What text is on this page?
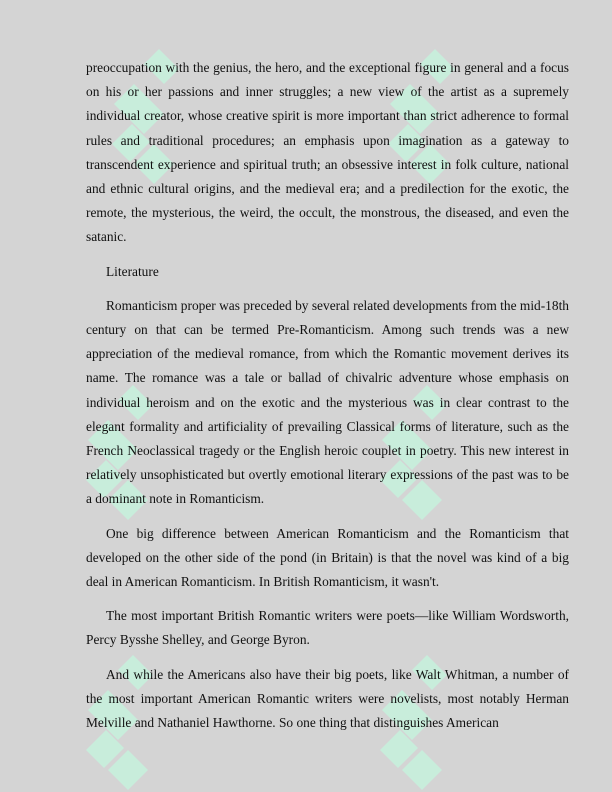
preoccupation with the genius, the hero, and the exceptional figure in general and a focus on his or her passions and inner struggles; a new view of the artist as a supremely individual creator, whose creative spirit is more important than strict adherence to formal rules and traditional procedures; an emphasis upon imagination as a gateway to transcendent experience and spiritual truth; an obsessive interest in folk culture, national and ethnic cultural origins, and the medieval era; and a predilection for the exotic, the remote, the mysterious, the weird, the occult, the monstrous, the diseased, and even the satanic.

Literature

Romanticism proper was preceded by several related developments from the mid-18th century on that can be termed Pre-Romanticism. Among such trends was a new appreciation of the medieval romance, from which the Romantic movement derives its name. The romance was a tale or ballad of chivalric adventure whose emphasis on individual heroism and on the exotic and the mysterious was in clear contrast to the elegant formality and artificiality of prevailing Classical forms of literature, such as the French Neoclassical tragedy or the English heroic couplet in poetry. This new interest in relatively unsophisticated but overtly emotional literary expressions of the past was to be a dominant note in Romanticism.

One big difference between American Romanticism and the Romanticism that developed on the other side of the pond (in Britain) is that the novel was kind of a big deal in American Romanticism. In British Romanticism, it wasn't.

The most important British Romantic writers were poets—like William Wordsworth, Percy Bysshe Shelley, and George Byron.

And while the Americans also have their big poets, like Walt Whitman, a number of the most important American Romantic writers were novelists, most notably Herman Melville and Nathaniel Hawthorne. So one thing that distinguishes American
